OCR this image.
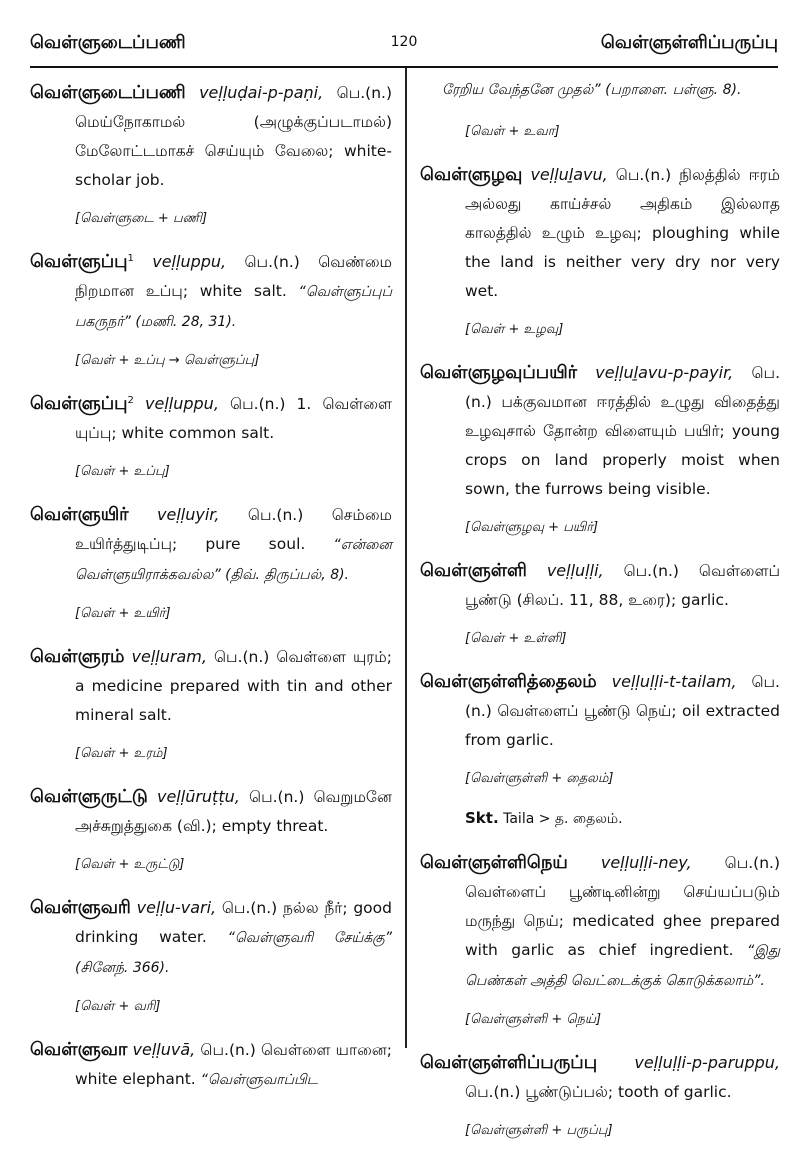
வெள்ளுடைப்பணி	120	வெள்ளுள்ளிப்பருப்பு

வெள்ளுடைப்பணி veḷḷuḍai-p-paṇi, பெ.(n.) மெய்நோகாமல் (அழுக்குப்படாமல்) மேலோட்டமாகச் செய்யும் வேலை; white-scholar job.

[வெள்ளுடை + பணி]

வெள்ளுப்பு$^1$ veḷḷuppu, பெ.(n.) வெண்மை நிறமான உப்பு; white salt. “வெள்ளுப்புப் பகருநர்” (மணி. 28, 31).

[வெள் + உப்பு → வெள்ளுப்பு]

வெள்ளுப்பு$^2$ veḷḷuppu, பெ.(n.) 1. வெள்ளை யுப்பு; white common salt.

[வெள் + உப்பு]

வெள்ளுயிர் veḷḷuyir, பெ.(n.) செம்மை உயிர்த்துடிப்பு; pure soul. “என்னை வெள்ளுயிராக்கவல்ல” (திவ். திருப்பல், 8).

[வெள் + உயிர்]

வெள்ளுரம் veḷḷuram, பெ.(n.) வெள்ளை யுரம்; a medicine prepared with tin and other mineral salt.

[வெள் + உரம்]

வெள்ளுருட்டு veḷḷūruṭṭu, பெ.(n.) வெறுமனே அச்சுறுத்துகை (வி.); empty threat.

[வெள் + உருட்டு]

வெள்ளுவரி veḷḷu-vari, பெ.(n.) நல்ல நீர்; good drinking water. “வெள்ளுவரி சேய்க்கு” (சினேந். 366).

[வெள் + வரி]

வெள்ளுவா veḷḷuvā, பெ.(n.) வெள்ளை யானை; white elephant. “வெள்ளுவாப்பிட

ரேறிய வேந்தனே முதல்” (பறாளை. பள்ளு. 8).

[வெள் + உவா]

வெள்ளுழவு veḷḷuḻavu, பெ.(n.) நிலத்தில் ஈரம் அல்லது காய்ச்சல் அதிகம் இல்லாத காலத்தில் உழும் உழவு; ploughing while the land is neither very dry nor very wet.

[வெள் + உழவு]

வெள்ளுழவுப்பயிர் veḷḷuḻavu-p-payir, பெ.(n.) பக்குவமான ஈரத்தில் உழுது விதைத்து உழவுசால் தோன்ற விளையும் பயிர்; young crops on land properly moist when sown, the furrows being visible.

[வெள்ளுழவு + பயிர்]

வெள்ளுள்ளி veḷḷuḷḷi, பெ.(n.) வெள்ளைப் பூண்டு (சிலப். 11, 88, உரை); garlic.

[வெள் + உள்ளி]

வெள்ளுள்ளித்தைலம் veḷḷuḷḷi-t-tailam, பெ.(n.) வெள்ளைப் பூண்டு நெய்; oil extracted from garlic.

[வெள்ளுள்ளி + தைலம்]
Skt. Taila > த. தைலம்.

வெள்ளுள்ளிநெய் veḷḷuḷḷi-ney, பெ.(n.) வெள்ளைப் பூண்டினின்று செய்யப்படும் மருந்து நெய்; medicated ghee prepared with garlic as chief ingredient. “இது பெண்கள் அத்தி வெட்டைக்குக் கொடுக்கலாம்”.

[வெள்ளுள்ளி + நெய்]

வெள்ளுள்ளிப்பருப்பு veḷḷuḷḷi-p-paruppu, பெ.(n.) பூண்டுப்பல்; tooth of garlic.

[வெள்ளுள்ளி + பருப்பு]
